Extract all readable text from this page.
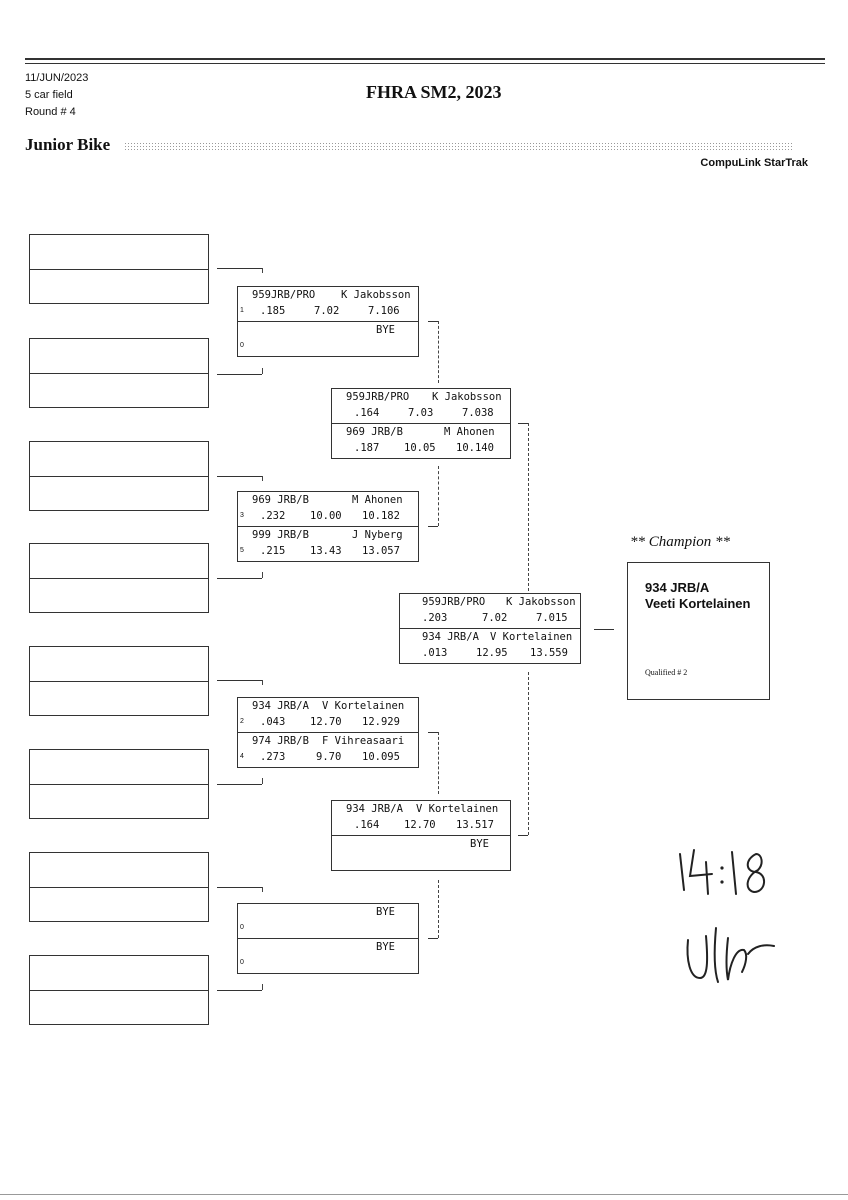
11/JUN/2023
5 car field
Round # 4
FHRA SM2, 2023
Junior Bike
CompuLink StarTrak
959JRB/PRO K Jakobsson
1 .185	7.02	7.106
BYE
0
969 JRB/B	M Ahonen
3 .232 10.00 10.182
999 JRB/B	J Nyberg
5 .215 13.43 13.057
934 JRB/A V Kortelainen
2 .043 12.70 12.929
974 JRB/B F Vihreasaari
4 .273	9.70 10.095
BYE
0
BYE
0
959JRB/PRO K Jakobsson
.164	7.03	7.038
969 JRB/B	M Ahonen
.187 10.05 10.140
934 JRB/A V Kortelainen
.164 12.70 13.517
BYE
959JRB/PRO K Jakobsson
.203	7.02	7.015
934 JRB/A V Kortelainen
.013	12.95 13.559
** Champion **
934 JRB/A
Veeti Kortelainen
Qualified # 2
